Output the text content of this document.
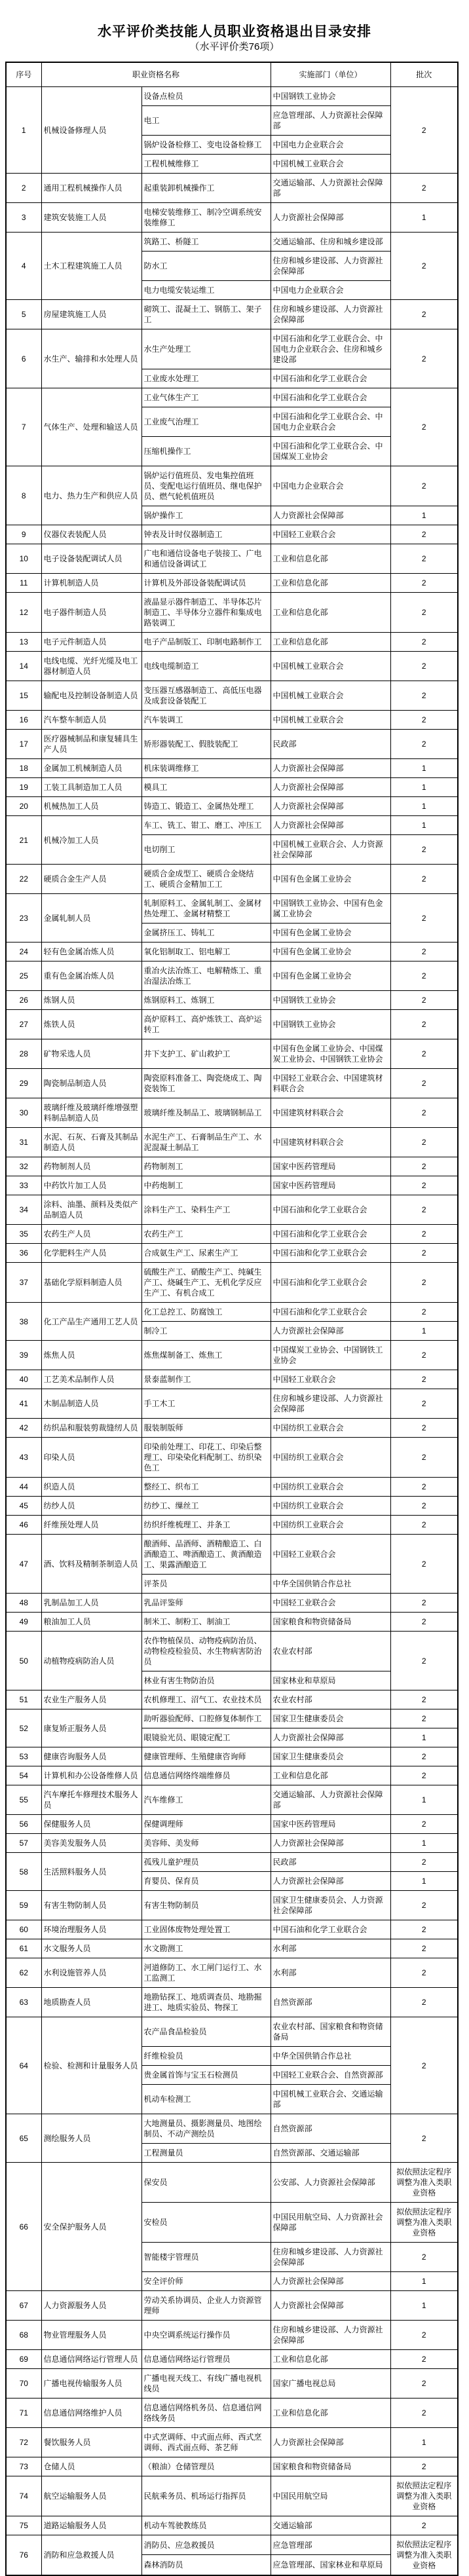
水平评价类技能人员职业资格退出目录安排
（水平评价类76项）
序号	职业资格名称		实施部门（单位）	批次
1	机械设备修理人员	设备点检员	中国钢铁工业协会	2
		电工	应急管理部、人力资源社会保障部	
		锅炉设备检修工、变电设备检修工	中国电力企业联合会	
		工程机械维修工	中国机械工业联合会	
2	通用工程机械操作人员	起重装卸机械操作工	交通运输部、人力资源社会保障部	2
3	建筑安装施工人员	电梯安装维修工、制冷空调系统安装维修工	人力资源社会保障部	1
4	土木工程建筑施工人员	筑路工、桥隧工	交通运输部、住房和城乡建设部	2
		防水工	住房和城乡建设部、人力资源社会保障部	
		电力电缆安装运维工	中国电力企业联合会	
5	房屋建筑施工人员	砌筑工、混凝土工、钢筋工、架子工	住房和城乡建设部、人力资源社会保障部	2
6	水生产、输排和水处理人员	水生产处理工	中国石油和化学工业联合会、中国电力企业联合会、住房和城乡建设部	2
		工业废水处理工	中国石油和化学工业联合会	
7	气体生产、处理和输送人员	工业气体生产工	中国石油和化学工业联合会	2
		工业废气治理工	中国石油和化学工业联合会、中国电力企业联合会	
		压缩机操作工	中国石油和化学工业联合会、中国煤炭工业协会	
8	电力、热力生产和供应人员	锅炉运行值班员、发电集控值班员、变配电运行值班员、继电保护员、燃气轮机值班员	中国电力企业联合会	2
		锅炉操作工	人力资源社会保障部	1
9	仪器仪表装配人员	钟表及计时仪器制造工	中国轻工业联合会	2
10	电子设备装配调试人员	广电和通信设备电子装接工、广电和通信设备调试工	工业和信息化部	2
11	计算机制造人员	计算机及外部设备装配调试员	工业和信息化部	2
12	电子器件制造人员	液晶显示器件制造工、半导体芯片制造工、半导体分立器件和集成电路装调工	工业和信息化部	2
13	电子元件制造人员	电子产品制版工、印制电路制作工	工业和信息化部	2
14	电线电缆、光纤光缆及电工器材制造人员	电线电缆制造工	中国机械工业联合会	2
15	输配电及控制设备制造人员	变压器互感器制造工、高低压电器及成套设备装配工	中国机械工业联合会	2
16	汽车整车制造人员	汽车装调工	中国机械工业联合会	2
17	医疗器械制品和康复辅具生产人员	矫形器装配工、假肢装配工	民政部	2
18	金属加工机械制造人员	机床装调维修工	人力资源社会保障部	1
19	工装工具制造加工人员	模具工	人力资源社会保障部	1
20	机械热加工人员	铸造工、锻造工、金属热处理工	人力资源社会保障部	1
21	机械冷加工人员	车工、铣工、钳工、磨工、冲压工	人力资源社会保障部	1
		电切削工	中国机械工业联合会、人力资源社会保障部	2
22	硬质合金生产人员	硬质合金成型工、硬质合金烧结工、硬质合金精加工工	中国有色金属工业协会	2
23	金属轧制人员	轧制原料工、金属轧制工、金属材热处理工、金属材精整工	中国钢铁工业协会、中国有色金属工业协会	2
		金属挤压工、铸轧工	中国有色金属工业协会	
24	轻有色金属冶炼人员	氧化铝制取工、铝电解工	中国有色金属工业协会	2
25	重有色金属冶炼人员	重冶火法冶炼工、电解精炼工、重冶湿法冶炼工	中国有色金属工业协会	2
26	炼钢人员	炼钢原料工、炼钢工	中国钢铁工业协会	2
27	炼铁人员	高炉原料工、高炉炼铁工、高炉运转工	中国钢铁工业协会	2
28	矿物采选人员	井下支护工、矿山救护工	中国有色金属工业协会、中国煤炭工业协会、中国钢铁工业协会	2
29	陶瓷制品制造人员	陶瓷原料准备工、陶瓷烧成工、陶瓷装饰工	中国轻工业联合会、中国建筑材料联合会	2
30	玻璃纤维及玻璃纤维增强塑料制品制造人员	玻璃纤维及制品工、玻璃钢制品工	中国建筑材料联合会	2
31	水泥、石灰、石膏及其制品制造人员	水泥生产工、石膏制品生产工、水泥混凝土制品工	中国建筑材料联合会	2
32	药物制剂人员	药物制剂工	国家中医药管理局	2
33	中药饮片加工人员	中药炮制工	国家中医药管理局	2
34	涂料、油墨、颜料及类似产品制造人员	涂料生产工、染料生产工	中国石油和化学工业联合会	2
35	农药生产人员	农药生产工	中国石油和化学工业联合会	2
36	化学肥料生产人员	合成氨生产工、尿素生产工	中国石油和化学工业联合会	2
37	基础化学原料制造人员	硫酸生产工、硝酸生产工、纯碱生产工、烧碱生产工、无机化学反应生产工、有机合成工	中国石油和化学工业联合会	2
38	化工产品生产通用工艺人员	化工总控工、防腐蚀工	中国石油和化学工业联合会	2
		制冷工	人力资源社会保障部	1
39	炼焦人员	炼焦煤制备工、炼焦工	中国煤炭工业协会、中国钢铁工业协会	2
40	工艺美术品制作人员	景泰蓝制作工	中国轻工业联合会	2
41	木制品制造人员	手工木工	住房和城乡建设部、人力资源社会保障部	2
42	纺织品和服装剪裁缝纫人员	服装制版师	中国纺织工业联合会	2
43	印染人员	印染前处理工、印花工、印染后整理工、印染染化料配制工、纺织染色工	中国纺织工业联合会	2
44	织造人员	整经工、织布工	中国纺织工业联合会	2
45	纺纱人员	纺纱工、缫丝工	中国纺织工业联合会	2
46	纤维预处理人员	纺织纤维梳理工、并条工	中国纺织工业联合会	2
47	酒、饮料及精制茶制造人员	酿酒师、品酒师、酒精酿造工、白酒酿造工、啤酒酿造工、黄酒酿造工、果露酒酿造工	中国轻工业联合会	2
		评茶员	中华全国供销合作总社	
48	乳制品加工人员	乳品评鉴师	中国轻工业联合会	2
49	粮油加工人员	制米工、制粉工、制油工	国家粮食和物资储备局	2
50	动植物疫病防治人员	农作物植保员、动物疫病防治员、动物检疫检验员、水生物病害防治员	农业农村部	2
		林业有害生物防治员	国家林业和草原局	
51	农业生产服务人员	农机修理工、沼气工、农业技术员	农业农村部	2
52	康复矫正服务人员	助听器验配师、口腔修复体制作工	国家卫生健康委员会	2
		眼镜验光员、眼镜定配工	人力资源社会保障部	1
53	健康咨询服务人员	健康管理师、生殖健康咨询师	国家卫生健康委员会	2
54	计算机和办公设备维修人员	信息通信网络终端维修员	工业和信息化部	2
55	汽车摩托车修理技术服务人员	汽车维修工	交通运输部、人力资源社会保障部	1
56	保健服务人员	保健调理师	国家中医药管理局	2
57	美容美发服务人员	美容师、美发师	人力资源社会保障部	1
58	生活照料服务人员	孤残儿童护理员	民政部	2
		育婴员、保育员	人力资源社会保障部	1
59	有害生物防制人员	有害生物防制员	国家卫生健康委员会、人力资源社会保障部	2
60	环境治理服务人员	工业固体废物处理处置工	中国石油和化学工业联合会	2
61	水文服务人员	水文勘测工	水利部	2
62	水利设施管养人员	河道修防工、水工闸门运行工、水工监测工	水利部	2
63	地质勘查人员	地勘钻探工、地质调查员、地勘掘进工、地质实验员、物探工	自然资源部	2
64	检验、检测和计量服务人员	农产品食品检验员	农业农村部、国家粮食和物资储备局	2
		纤维检验员	中华全国供销合作总社	
		贵金属首饰与宝玉石检测员	中国轻工业联合会、自然资源部	
		机动车检测工	中国机械工业联合会、交通运输部	
65	测绘服务人员	大地测量员、摄影测量员、地图绘制员、不动产测绘员	自然资源部	2
		工程测量员	自然资源部、交通运输部	
66	安全保护服务人员	保安员	公安部、人力资源社会保障部	拟依照法定程序调整为准入类职业资格
		安检员	中国民用航空局、人力资源社会保障部	拟依照法定程序调整为准入类职业资格
		智能楼宇管理员	住房和城乡建设部、人力资源社会保障部	2
		安全评价师	人力资源社会保障部	1
67	人力资源服务人员	劳动关系协调员、企业人力资源管理师	人力资源社会保障部	1
68	物业管理服务人员	中央空调系统运行操作员	住房和城乡建设部、人力资源社会保障部	2
69	信息通信网络运行管理人员	信息通信网络运行管理员	工业和信息化部	2
70	广播电视传输服务人员	广播电视天线工、有线广播电视机线员	国家广播电视总局	2
71	信息通信网络维护人员	信息通信网络机务员、信息通信网络线务员	工业和信息化部	2
72	餐饮服务人员	中式烹调师、中式面点师、西式烹调师、西式面点师、茶艺师	人力资源社会保障部	1
73	仓储人员	（粮油）仓储管理员	国家粮食和物资储备局	2
74	航空运输服务人员	民航乘务员、机场运行指挥员	中国民用航空局	拟依照法定程序调整为准入类职业资格
75	道路运输服务人员	机动车驾驶教练员	交通运输部	2
76	消防和应急救援人员	消防员、应急救援员	应急管理部	拟依照法定程序调整为准入类职业资格
		森林消防员	应急管理部、国家林业和草原局	
